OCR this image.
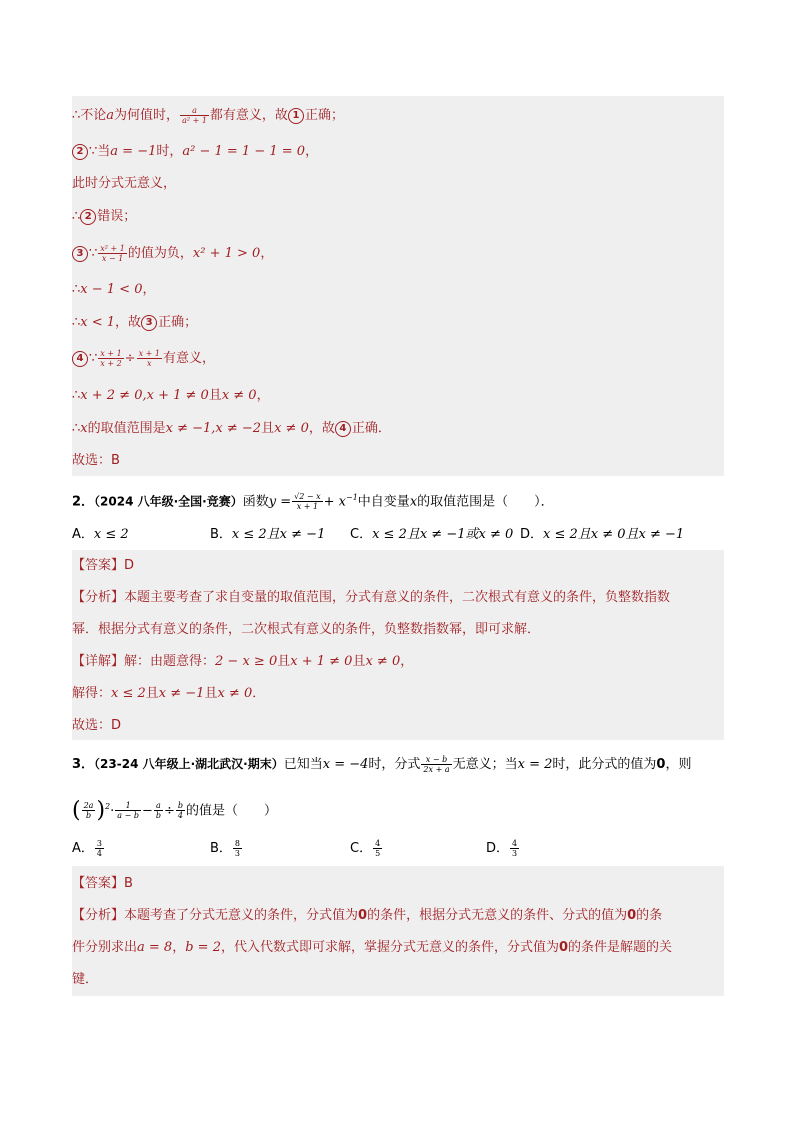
∴不论a为何值时， $\frac{a}{\text{a² + 1}}$ 都有意义，故 1 正确；
2 ∵当a = −1时，a² − 1 = 1 − 1 = 0，
此时分式无意义，
∴ 2 错误；
3 ∵ $\frac{\text{x² + 1}}{x - 1}$ 的值为负，x² + 1 > 0，
∴x − 1 < 0，
∴x < 1，故 3 正确；
4 ∵ $\frac{x + 1}{x + 2} \div \frac{x + 1}{x}$ 有意义，
∴x + 2 ≠ 0,x + 1 ≠ 0且x ≠ 0，
∴x的取值范围是x ≠ −1,x ≠ −2且x ≠ 0，故 4 正确．
故选：B
2．（2024 八年级·全国·竞赛）函数$y = \frac{√2 - x}{x + 1} + x^{-1}$中自变量x的取值范围是（　　）．
A．x ≤ 2	B．x ≤ 2且x ≠ −1 C．x ≤ 2且x ≠ −1或x ≠ 0 D．x ≤ 2且x ≠ 0且x ≠ −1
【答案】D
【分析】本题主要考查了求自变量的取值范围，分式有意义的条件，二次根式有意义的条件，负整数指数
幂．根据分式有意义的条件，二次根式有意义的条件，负整数指数幂，即可求解．
【详解】解：由题意得：2 − x ≥ 0且x + 1 ≠ 0且x ≠ 0，
解得：x ≤ 2且x ≠ −1且x ≠ 0．
故选：D
3．（23-24 八年级上·湖北武汉·期末）已知当x = −4时，分式 $\frac{x - b}{2x + a}$ 无意义；当x = 2时，此分式的值为0，则
( $\frac{2a}{b} )^2\cdot \frac{1}{a - b} - \frac{a}{b} \div \frac{b}{4}$ 的值是（　　）
A． $\frac{3}{4}$	B． $\frac{8}{3}$	C． $\frac{4}{5}$	D． $\frac{4}{3}$
【答案】B
【分析】本题考查了分式无意义的条件，分式值为0的条件，根据分式无意义的条件、分式的值为0的条
件分别求出a = 8，b = 2，代入代数式即可求解，掌握分式无意义的条件，分式值为0的条件是解题的关
键．
